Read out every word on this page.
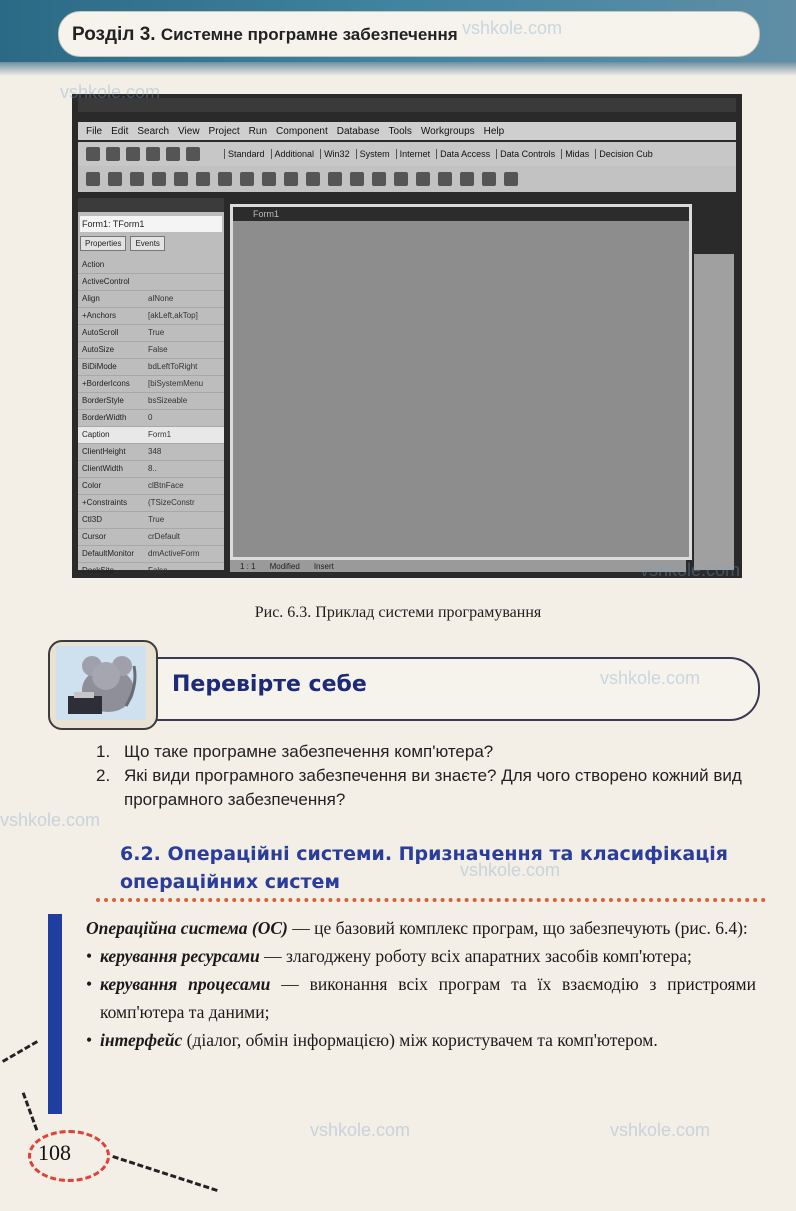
Розділ 3. Системне програмне забезпечення
File Edit Search View Project Run Component Database Tools Workgroups Help
Standard	Additional	Win32	System	Internet	Data Access	Data Controls	Midas	Decision Cub
Form1: TForm1
Properties	Events
Action
ActiveControl
Align	alNone
+Anchors	[akLeft,akTop]
AutoScroll	True
AutoSize	False
BiDiMode	bdLeftToRight
+BorderIcons	[biSystemMenu
BorderStyle	bsSizeable
BorderWidth	0
Caption	Form1
ClientHeight	348
ClientWidth	8..
Color	clBtnFace
+Constraints	(TSizeConstr
Ctl3D	True
Cursor	crDefault
DefaultMonitor	dmActiveForm
DockSite	False
Form1
1 : 1 Modified Insert
Рис. 6.3. Приклад системи програмування
Перевірте себе
1. Що таке програмне забезпечення комп'ютера?
2. Які види програмного забезпечення ви знаєте? Для чого створено кожний вид програмного забезпечення?
6.2. Операційні системи. Призначення та класифікація операційних систем

Операційна система (ОС) — це базовий комплекс програм, що забезпечують (рис. 6.4):

• керування ресурсами — злагоджену роботу всіх апаратних засобів комп'ютера;
• керування процесами — виконання всіх програм та їх взаємодію з пристроями комп'ютера та даними;
• інтерфейс (діалог, обмін інформацією) між користувачем та комп'ютером.
108
vshkole.com
vshkole.com
vshkole.com
vshkole.com
vshkole.com
vshkole.com
vshkole.com	vshkole.com
